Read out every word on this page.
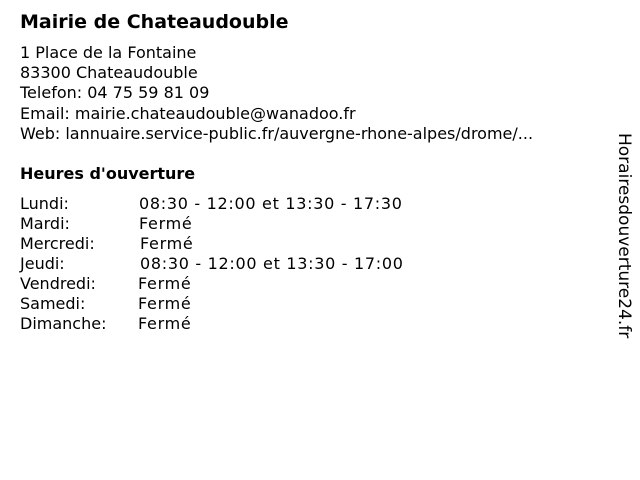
Mairie de Chateaudouble
1 Place de la Fontaine
83300 Chateaudouble
Telefon: 04 75 59 81 09
Email: mairie.chateaudouble@wanadoo.fr
Web: lannuaire.service-public.fr/auvergne-rhone-alpes/drome/...
Heures d'ouverture
Lundi:	08:30 - 12:00 et 13:30 - 17:30
Mardi:	Fermé
Mercredi:	Fermé
Jeudi:	08:30 - 12:00 et 13:30 - 17:00
Vendredi:	Fermé
Samedi:	Fermé
Dimanche: Fermé	Horairesdouverture24.fr
